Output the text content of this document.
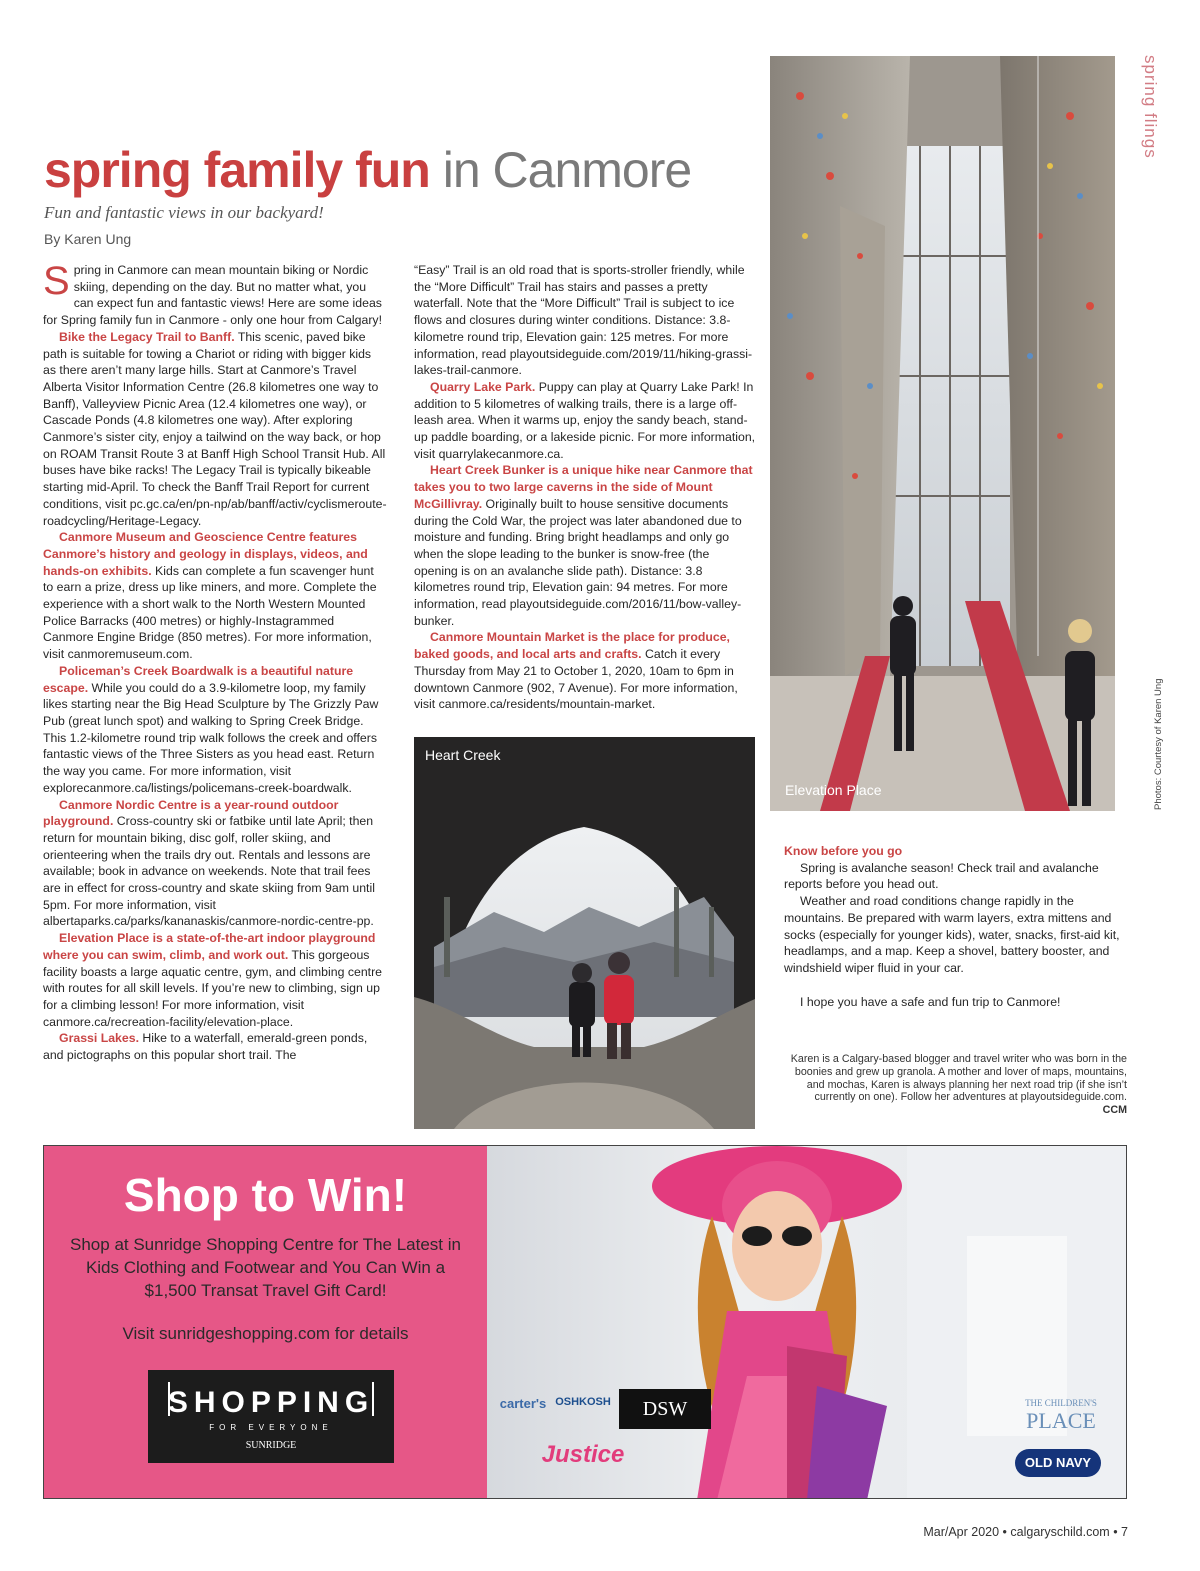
spring flings
spring family fun in Canmore
Fun and fantastic views in our backyard!
By Karen Ung

Spring in Canmore can mean mountain biking or Nordic skiing, depending on the day. But no matter what, you can expect fun and fantastic views! Here are some ideas for Spring family fun in Canmore - only one hour from Calgary!

Bike the Legacy Trail to Banff. This scenic, paved bike path is suitable for towing a Chariot or riding with bigger kids as there aren’t many large hills. Start at Canmore’s Travel Alberta Visitor Information Centre (26.8 kilometres one way to Banff), Valleyview Picnic Area (12.4 kilometres one way), or Cascade Ponds (4.8 kilometres one way). After exploring Canmore’s sister city, enjoy a tailwind on the way back, or hop on ROAM Transit Route 3 at Banff High School Transit Hub. All buses have bike racks! The Legacy Trail is typically bikeable starting mid-April. To check the Banff Trail Report for current conditions, visit pc.gc.ca/en/pn-np/ab/banff/activ/cyclismeroute-roadcycling/Heritage-Legacy.

Canmore Museum and Geoscience Centre features Canmore’s history and geology in displays, videos, and hands-on exhibits. Kids can complete a fun scavenger hunt to earn a prize, dress up like miners, and more. Complete the experience with a short walk to the North Western Mounted Police Barracks (400 metres) or highly-Instagrammed Canmore Engine Bridge (850 metres). For more information, visit canmoremuseum.com.

Policeman’s Creek Boardwalk is a beautiful nature escape. While you could do a 3.9-kilometre loop, my family likes starting near the Big Head Sculpture by The Grizzly Paw Pub (great lunch spot) and walking to Spring Creek Bridge. This 1.2-kilometre round trip walk follows the creek and offers fantastic views of the Three Sisters as you head east. Return the way you came. For more information, visit explorecanmore.ca/listings/policemans-creek-boardwalk.

Canmore Nordic Centre is a year-round outdoor playground. Cross-country ski or fatbike until late April; then return for mountain biking, disc golf, roller skiing, and orienteering when the trails dry out. Rentals and lessons are available; book in advance on weekends. Note that trail fees are in effect for cross-country and skate skiing from 9am until 5pm. For more information, visit albertaparks.ca/parks/kananaskis/canmore-nordic-centre-pp.

Elevation Place is a state-of-the-art indoor playground where you can swim, climb, and work out. This gorgeous facility boasts a large aquatic centre, gym, and climbing centre with routes for all skill levels. If you’re new to climbing, sign up for a climbing lesson! For more information, visit canmore.ca/recreation-facility/elevation-place.

Grassi Lakes. Hike to a waterfall, emerald-green ponds, and pictographs on this popular short trail. The

“Easy” Trail is an old road that is sports-stroller friendly, while the “More Difficult” Trail has stairs and passes a pretty waterfall. Note that the “More Difficult” Trail is subject to ice flows and closures during winter conditions. Distance: 3.8-kilometre round trip, Elevation gain: 125 metres. For more information, read playoutsideguide.com/2019/11/hiking-grassi-lakes-trail-canmore.

Quarry Lake Park. Puppy can play at Quarry Lake Park! In addition to 5 kilometres of walking trails, there is a large off-leash area. When it warms up, enjoy the sandy beach, stand-up paddle boarding, or a lakeside picnic. For more information, visit quarrylakecanmore.ca.

Heart Creek Bunker is a unique hike near Canmore that takes you to two large caverns in the side of Mount McGillivray. Originally built to house sensitive documents during the Cold War, the project was later abandoned due to moisture and funding. Bring bright headlamps and only go when the slope leading to the bunker is snow-free (the opening is on an avalanche slide path). Distance: 3.8 kilometres round trip, Elevation gain: 94 metres. For more information, read playoutsideguide.com/2016/11/bow-valley-bunker.

Canmore Mountain Market is the place for produce, baked goods, and local arts and crafts. Catch it every Thursday from May 21 to October 1, 2020, 10am to 6pm in downtown Canmore (902, 7 Avenue). For more information, visit canmore.ca/residents/mountain-market.

Elevation Place	Photos: Courtesy of Karen Ung
Heart Creek
Know before you go

Spring is avalanche season! Check trail and avalanche reports before you head out.

Weather and road conditions change rapidly in the mountains. Be prepared with warm layers, extra mittens and socks (especially for younger kids), water, snacks, first-aid kit, headlamps, and a map. Keep a shovel, battery booster, and windshield wiper fluid in your car.

I hope you have a safe and fun trip to Canmore!

Karen is a Calgary-based blogger and travel writer who was born in the boonies and grew up granola. A mother and lover of maps, mountains, and mochas, Karen is always planning her next road trip (if she isn’t currently on one). Follow her adventures at playoutsideguide.com. CCM
Shop to Win!
Shop at Sunridge Shopping Centre for The Latest in Kids Clothing and Footwear and You Can Win a $1,500 Transat Travel Gift Card!
Visit sunridgeshopping.com for details
SHOPPING
FOR EVERYONE
SUNRIDGE
carter's OSHKOSH	DSW
Justice
THE CHILDREN'S
PLACE
OLD NAVY
Mar/Apr 2020 • calgaryschild.com • 7
